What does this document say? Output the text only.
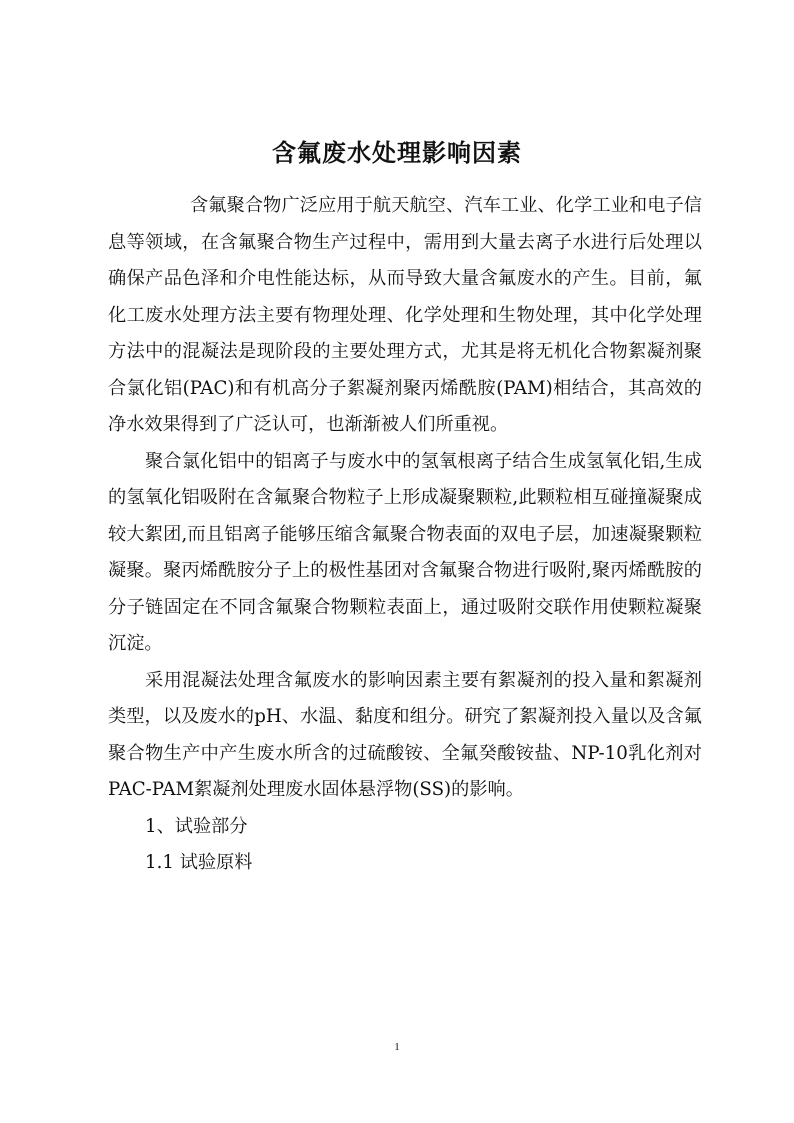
含氟废水处理影响因素

含氟聚合物广泛应用于航天航空、汽车工业、化学工业和电子信息等领域，在含氟聚合物生产过程中，需用到大量去离子水进行后处理以确保产品色泽和介电性能达标，从而导致大量含氟废水的产生。目前，氟化工废水处理方法主要有物理处理、化学处理和生物处理，其中化学处理方法中的混凝法是现阶段的主要处理方式，尤其是将无机化合物絮凝剂聚合氯化铝(PAC)和有机高分子絮凝剂聚丙烯酰胺(PAM)相结合，其高效的净水效果得到了广泛认可，也渐渐被人们所重视。

聚合氯化铝中的铝离子与废水中的氢氧根离子结合生成氢氧化铝,生成的氢氧化铝吸附在含氟聚合物粒子上形成凝聚颗粒,此颗粒相互碰撞凝聚成较大絮团,而且铝离子能够压缩含氟聚合物表面的双电子层，加速凝聚颗粒凝聚。聚丙烯酰胺分子上的极性基团对含氟聚合物进行吸附,聚丙烯酰胺的分子链固定在不同含氟聚合物颗粒表面上，通过吸附交联作用使颗粒凝聚沉淀。

采用混凝法处理含氟废水的影响因素主要有絮凝剂的投入量和絮凝剂类型，以及废水的pH、水温、黏度和组分。研究了絮凝剂投入量以及含氟聚合物生产中产生废水所含的过硫酸铵、全氟癸酸铵盐、NP-10乳化剂对PAC-PAM絮凝剂处理废水固体悬浮物(SS)的影响。

1、试验部分

1.1 试验原料

1
